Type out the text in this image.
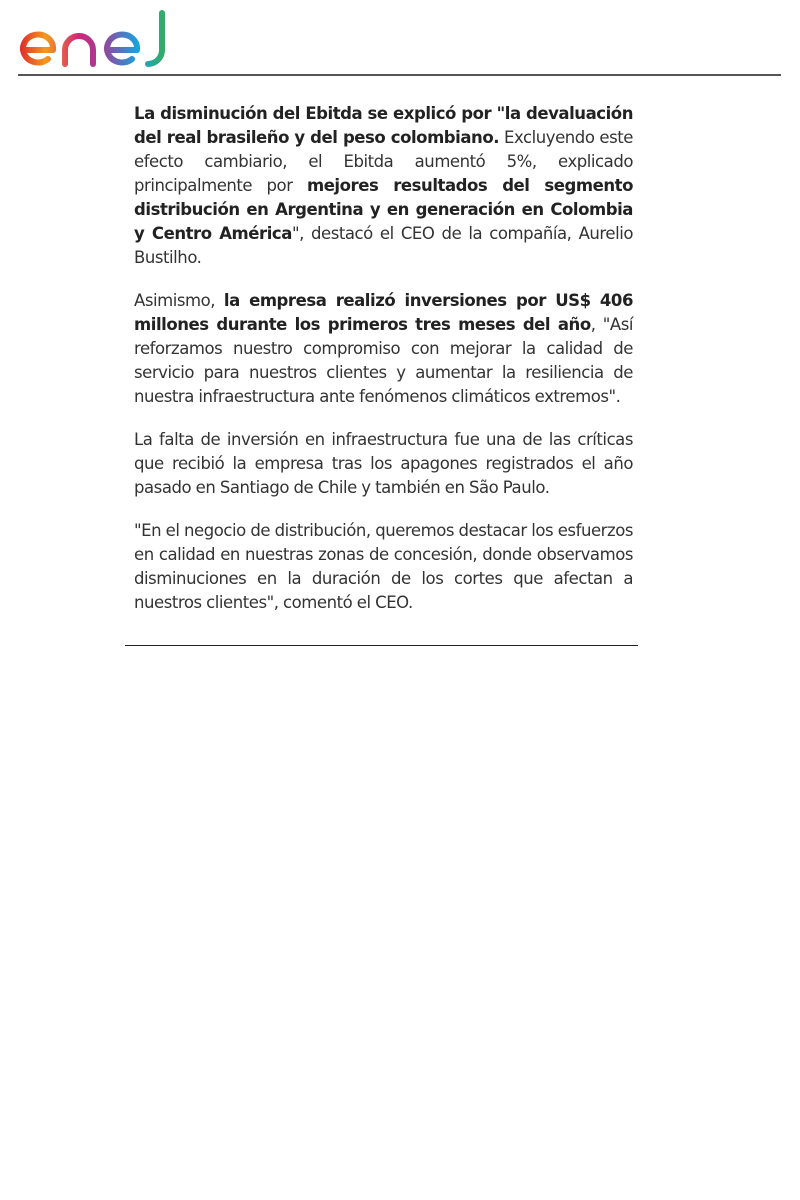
La disminución del Ebitda se explicó por "la devaluación del real brasileño y del peso colombiano. Excluyendo este efecto cambiario, el Ebitda aumentó 5%, explicado principalmente por mejores resultados del segmento distribución en Argentina y en generación en Colombia y Centro América", destacó el CEO de la compañía, Aurelio Bustilho.

Asimismo, la empresa realizó inversiones por US$ 406 millones durante los primeros tres meses del año, "Así reforzamos nuestro compromiso con mejorar la calidad de servicio para nuestros clientes y aumentar la resiliencia de nuestra infraestructura ante fenómenos climáticos extremos".

La falta de inversión en infraestructura fue una de las críticas que recibió la empresa tras los apagones registrados el año pasado en Santiago de Chile y también en São Paulo.

"En el negocio de distribución, queremos destacar los esfuerzos en calidad en nuestras zonas de concesión, donde observamos disminuciones en la duración de los cortes que afectan a nuestros clientes", comentó el CEO.
